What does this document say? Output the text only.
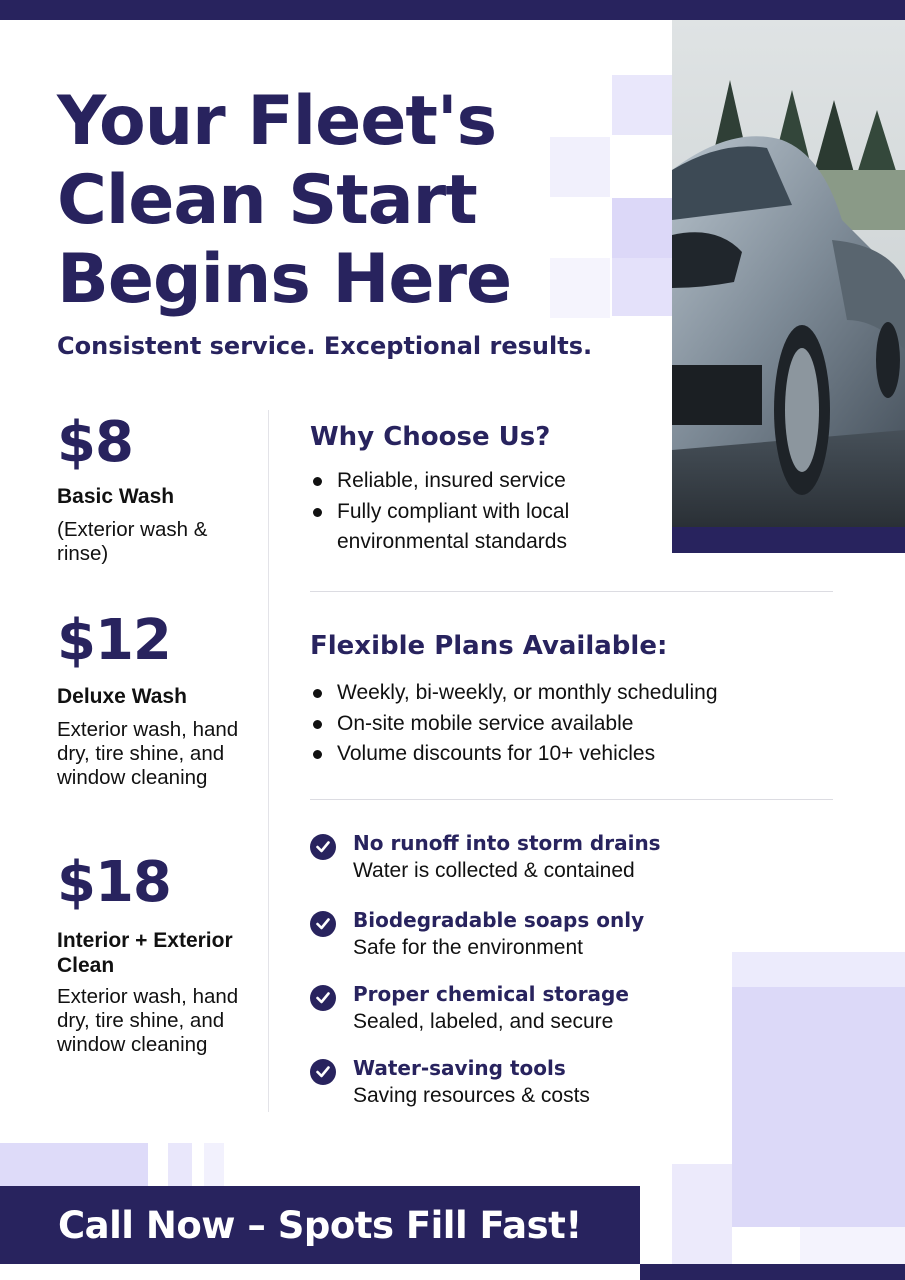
Your Fleet's
Clean Start
Begins Here
Consistent service. Exceptional results.
$8
Basic Wash
(Exterior wash & rinse)
$12
Deluxe Wash
Exterior wash, hand dry, tire shine, and window cleaning
$18
Interior + Exterior Clean
Exterior wash, hand dry, tire shine, and window cleaning
Why Choose Us?
Reliable, insured service
Fully compliant with local environmental standards
Flexible Plans Available:
Weekly, bi-weekly, or monthly scheduling
On-site mobile service available
Volume discounts for 10+ vehicles
No runoff into storm drains
Water is collected & contained
Biodegradable soaps only
Safe for the environment
Proper chemical storage
Sealed, labeled, and secure
Water-saving tools
Saving resources & costs
Call Now – Spots Fill Fast!
